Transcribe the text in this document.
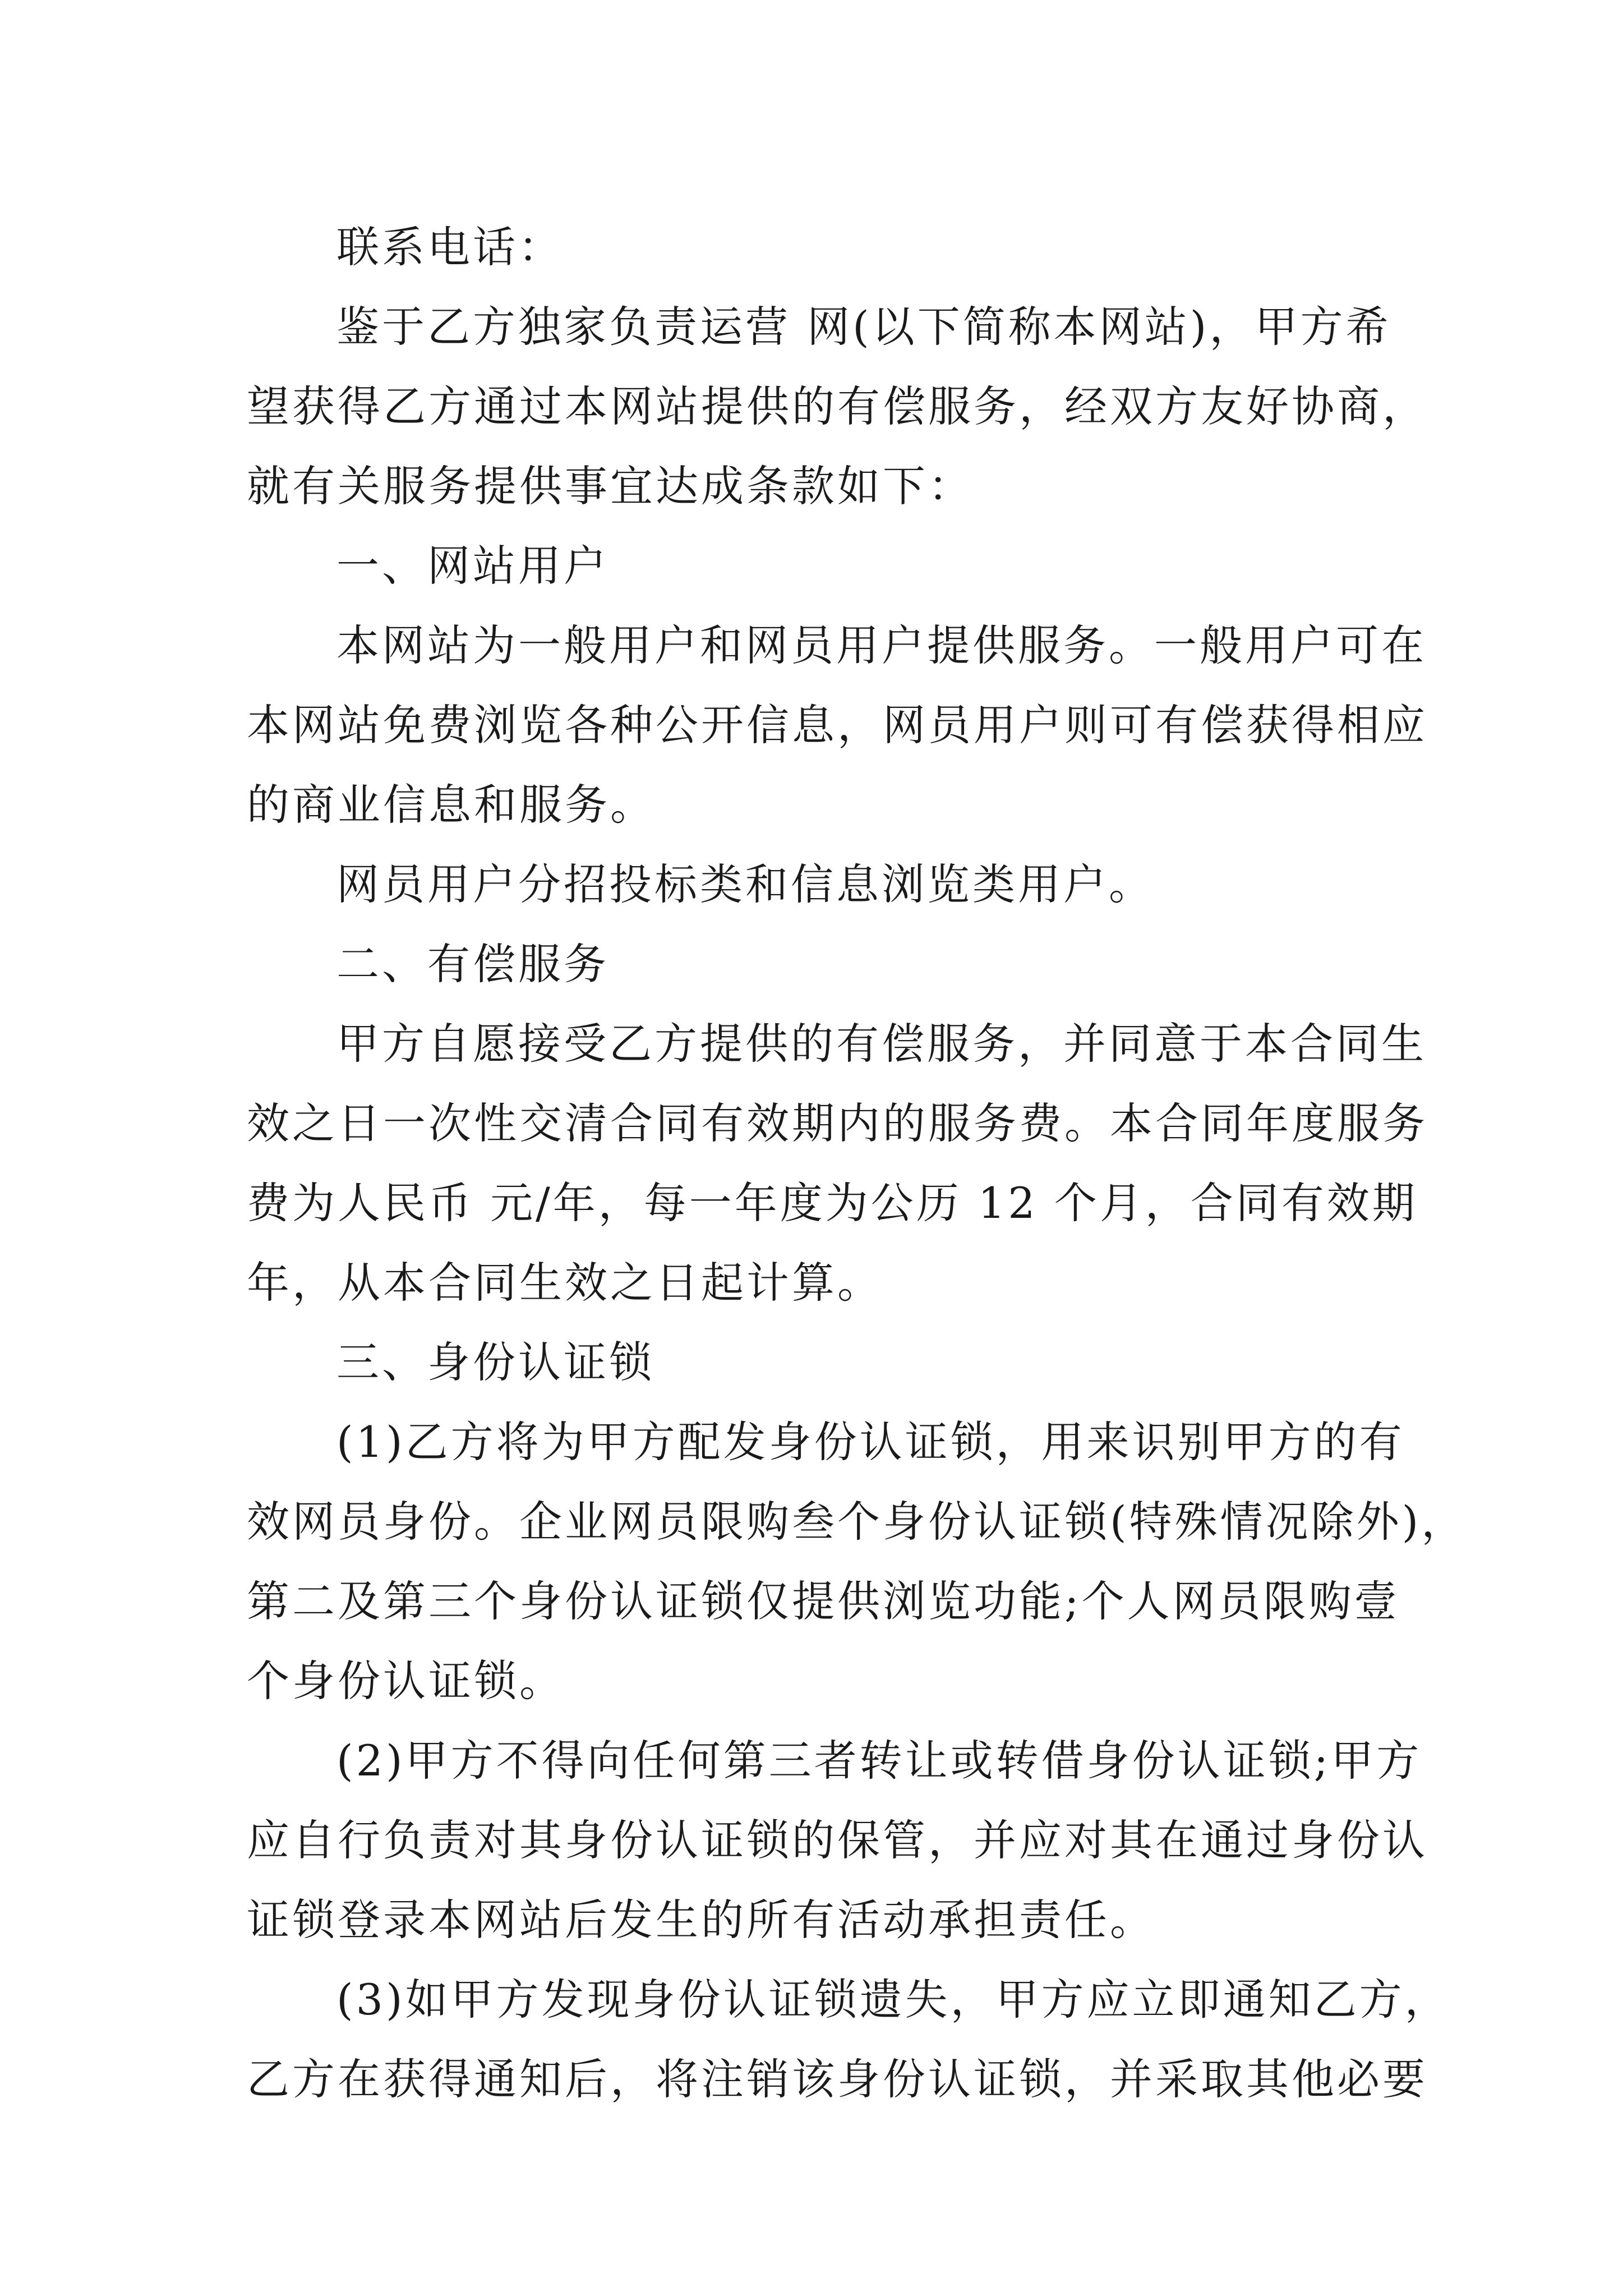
联系电话：
鉴于乙方独家负责运营 网(以下简称本网站)，甲方希
望获得乙方通过本网站提供的有偿服务，经双方友好协商，
就有关服务提供事宜达成条款如下：
一、网站用户
本网站为一般用户和网员用户提供服务。一般用户可在
本网站免费浏览各种公开信息，网员用户则可有偿获得相应
的商业信息和服务。
网员用户分招投标类和信息浏览类用户。
二、有偿服务
甲方自愿接受乙方提供的有偿服务，并同意于本合同生
效之日一次性交清合同有效期内的服务费。本合同年度服务
费为人民币 元/年，每一年度为公历 12 个月，合同有效期
年，从本合同生效之日起计算。
三、身份认证锁
(1)乙方将为甲方配发身份认证锁，用来识别甲方的有
效网员身份。企业网员限购叁个身份认证锁(特殊情况除外)，
第二及第三个身份认证锁仅提供浏览功能;个人网员限购壹
个身份认证锁。
(2)甲方不得向任何第三者转让或转借身份认证锁;甲方
应自行负责对其身份认证锁的保管，并应对其在通过身份认
证锁登录本网站后发生的所有活动承担责任。
(3)如甲方发现身份认证锁遗失，甲方应立即通知乙方，
乙方在获得通知后，将注销该身份认证锁，并采取其他必要
